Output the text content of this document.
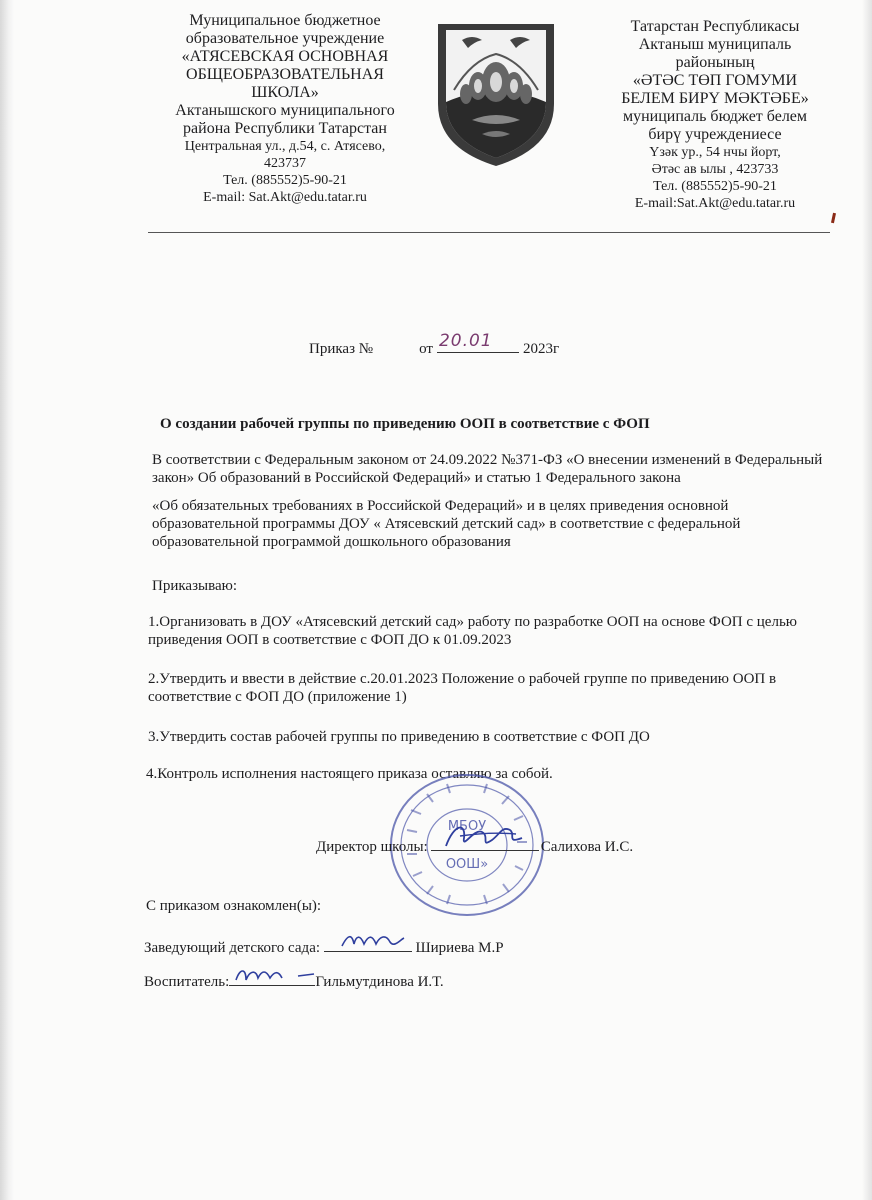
Муниципальное бюджетное
образовательное учреждение
«АТЯСЕВСКАЯ ОСНОВНАЯ
ОБЩЕОБРАЗОВАТЕЛЬНАЯ
ШКОЛА»
Актанышского муниципального
района Республики Татарстан
Центральная ул., д.54, с. Атясево,
423737
Тел. (885552)5-90-21
E-mail: Sat.Akt@edu.tatar.ru
Татарстан Республикасы
Актаныш муниципаль
районының
«ӘТӘС ТӨП ГОМУМИ
БЕЛЕМ БИРҮ МӘКТӘБЕ»
муниципаль бюджет белем
бирү учреждениесе
Үзәк ур., 54 нчы йорт,
Әтәс ав ылы , 423733
Тел. (885552)5-90-21
E-mail:Sat.Akt@edu.tatar.ru
Приказ №	от 20.01 2023г
О создании рабочей группы по приведению ООП в соответствие с ФОП
В соответствии с Федеральным законом от 24.09.2022 №371-ФЗ «О внесении изменений в Федеральный закон» Об образований в Российской Федераций» и статью 1 Федерального закона
«Об обязательных требованиях в Российской Федераций» и в целях приведения основной образовательной программы ДОУ « Атясевский детский сад» в соответствие с федеральной образовательной программой дошкольного образования
Приказываю:
1.Организовать в ДОУ «Атясевский детский сад» работу по разработке ООП на основе ФОП с целью приведения ООП в соответствие с ФОП ДО к 01.09.2023
2.Утвердить и ввести в действие с.20.01.2023 Положение о рабочей группе по приведению ООП в соответствие с ФОП ДО (приложение 1)
3.Утвердить состав рабочей группы по приведению в соответствие с ФОП ДО
4.Контроль исполнения настоящего приказа оставляю за собой.
МБОУ
ООШ»
Директор школы:	Салихова И.С.
С приказом ознакомлен(ы):
Заведующий детского сада:	Шириева М.Р
Воспитатель:	Гильмутдинова И.Т.
